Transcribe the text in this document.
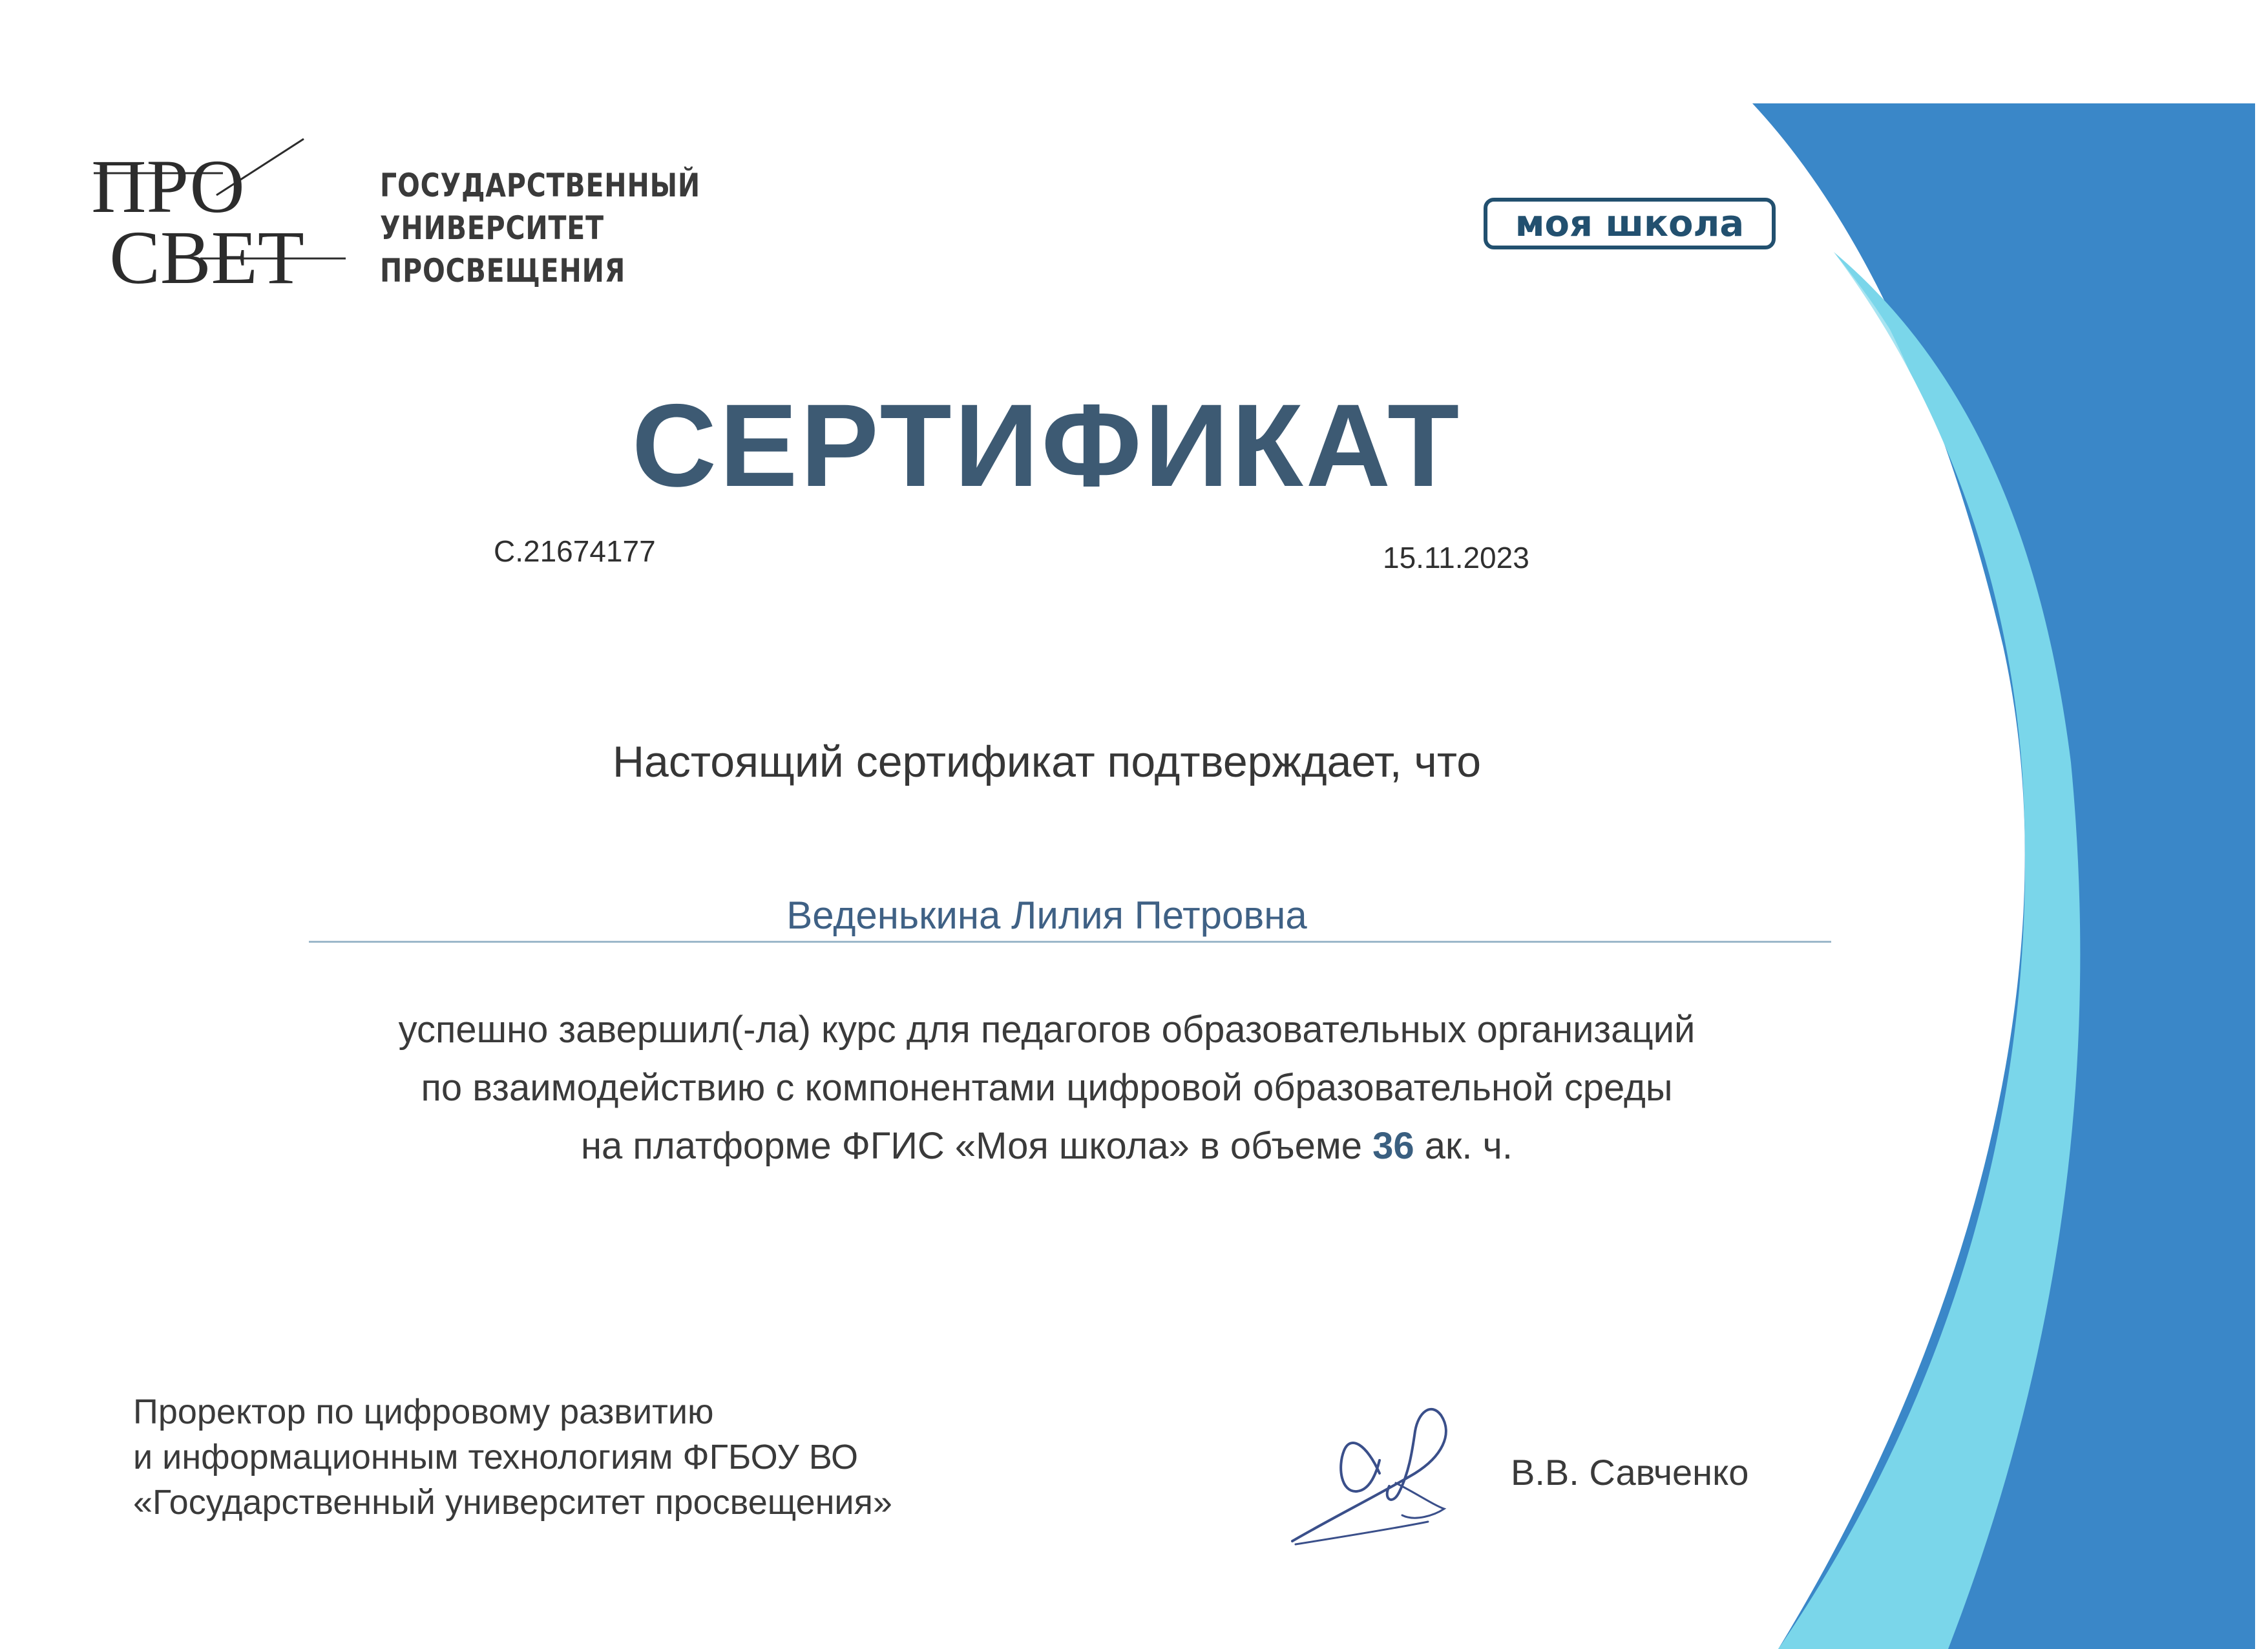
ПРО
СВЕТ
ГОСУДАРСТВЕННЫЙ
УНИВЕРСИТЕТ
ПРОСВЕЩЕНИЯ
моя школа
СЕРТИФИКАТ
С.21674177	15.11.2023
Настоящий сертификат подтверждает, что
Веденькина Лилия Петровна
успешно завершил(-ла) курс для педагогов образовательных организаций
по взаимодействию с компонентами цифровой образовательной среды
на платформе ФГИС «Моя школа» в объеме 36 ак. ч.
Проректор по цифровому развитию
и информационным технологиям ФГБОУ ВО
«Государственный университет просвещения»
В.В. Савченко
